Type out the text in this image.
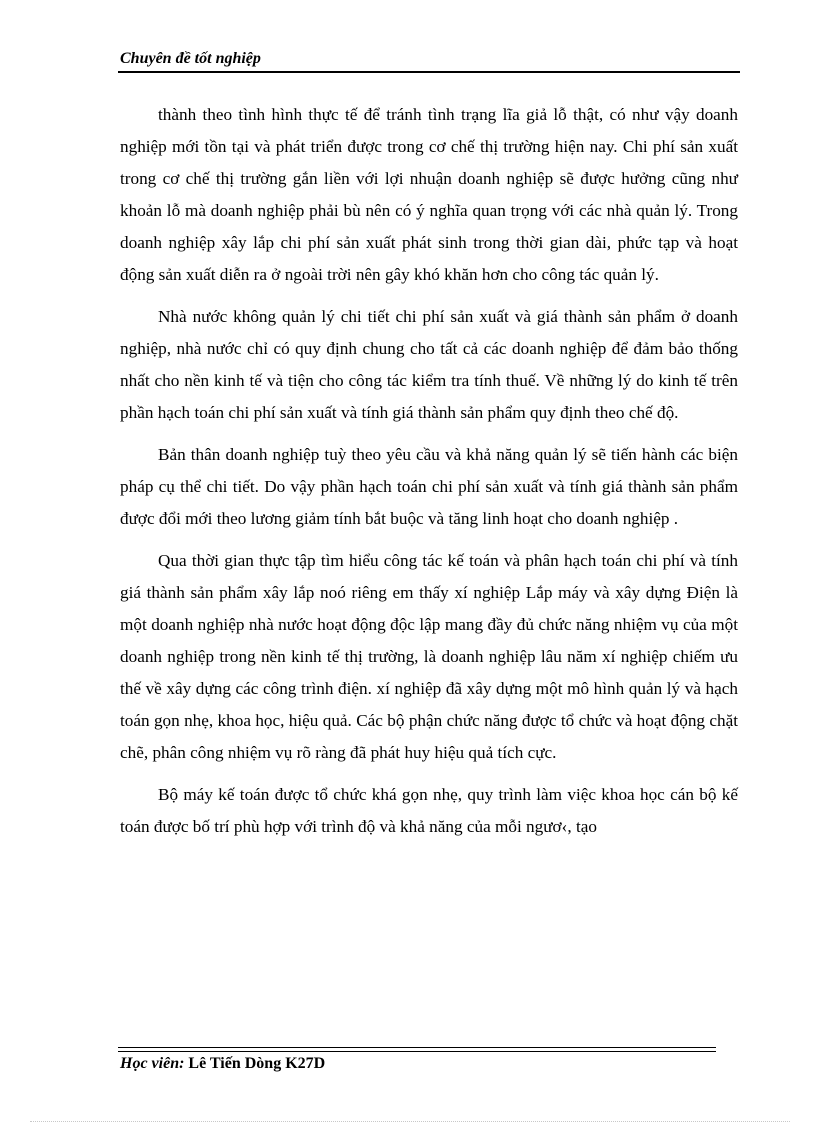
Chuyên đề tốt nghiệp

thành theo tình hình thực tế để tránh tình trạng lĩa giả lỗ thật, có như vậy doanh nghiệp mới tồn tại và phát triển được trong cơ chế thị trường hiện nay. Chi phí sản xuất trong cơ chế thị trường gắn liền với lợi nhuận doanh nghiệp sẽ được hưởng cũng như khoản lỗ mà doanh nghiệp phải bù nên có ý nghĩa quan trọng với các nhà quản lý. Trong doanh nghiệp xây lắp chi phí sản xuất phát sinh trong thời gian dài, phức tạp và hoạt động sản xuất diễn ra ở ngoài trời nên gây khó khăn hơn cho công tác quản lý.

Nhà nước không quản lý chi tiết chi phí sản xuất và giá thành sản phẩm ở doanh nghiệp, nhà nước chỉ có quy định chung cho tất cả các doanh nghiệp để đảm bảo thống nhất cho nền kinh tế và tiện cho công tác kiểm tra tính thuế. Về những lý do kinh tế trên phần hạch toán chi phí sản xuất và tính giá thành sản phẩm quy định theo chế độ.

Bản thân doanh nghiệp tuỳ theo yêu cầu và khả năng quản lý sẽ tiến hành các biện pháp cụ thể chi tiết. Do vậy phần hạch toán chi phí sản xuất và tính giá thành sản phẩm được đổi mới theo lương giảm tính bắt buộc và tăng linh hoạt cho doanh nghiệp .

Qua thời gian thực tập tìm hiểu công tác kế toán và phân hạch toán chi phí và tính giá thành sản phẩm xây lắp noó riêng em thấy xí nghiệp Lắp máy và xây dựng Điện là một doanh nghiệp nhà nước hoạt động độc lập mang đầy đủ chức năng nhiệm vụ của một doanh nghiệp trong nền kinh tế thị trường, là doanh nghiệp lâu năm xí nghiệp chiếm ưu thế về xây dựng các công trình điện. xí nghiệp đã xây dựng một mô hình quản lý và hạch toán gọn nhẹ, khoa học, hiệu quả. Các bộ phận chức năng được tổ chức và hoạt động chặt chẽ, phân công nhiệm vụ rõ ràng đã phát huy hiệu quả tích cực.

Bộ máy kế toán được tổ chức khá gọn nhẹ, quy trình làm việc khoa học cán bộ kế toán được bố trí phù hợp với trình độ và khả năng của mỗi ngươ‹, tạo

Học viên: Lê Tiến Dòng K27D
